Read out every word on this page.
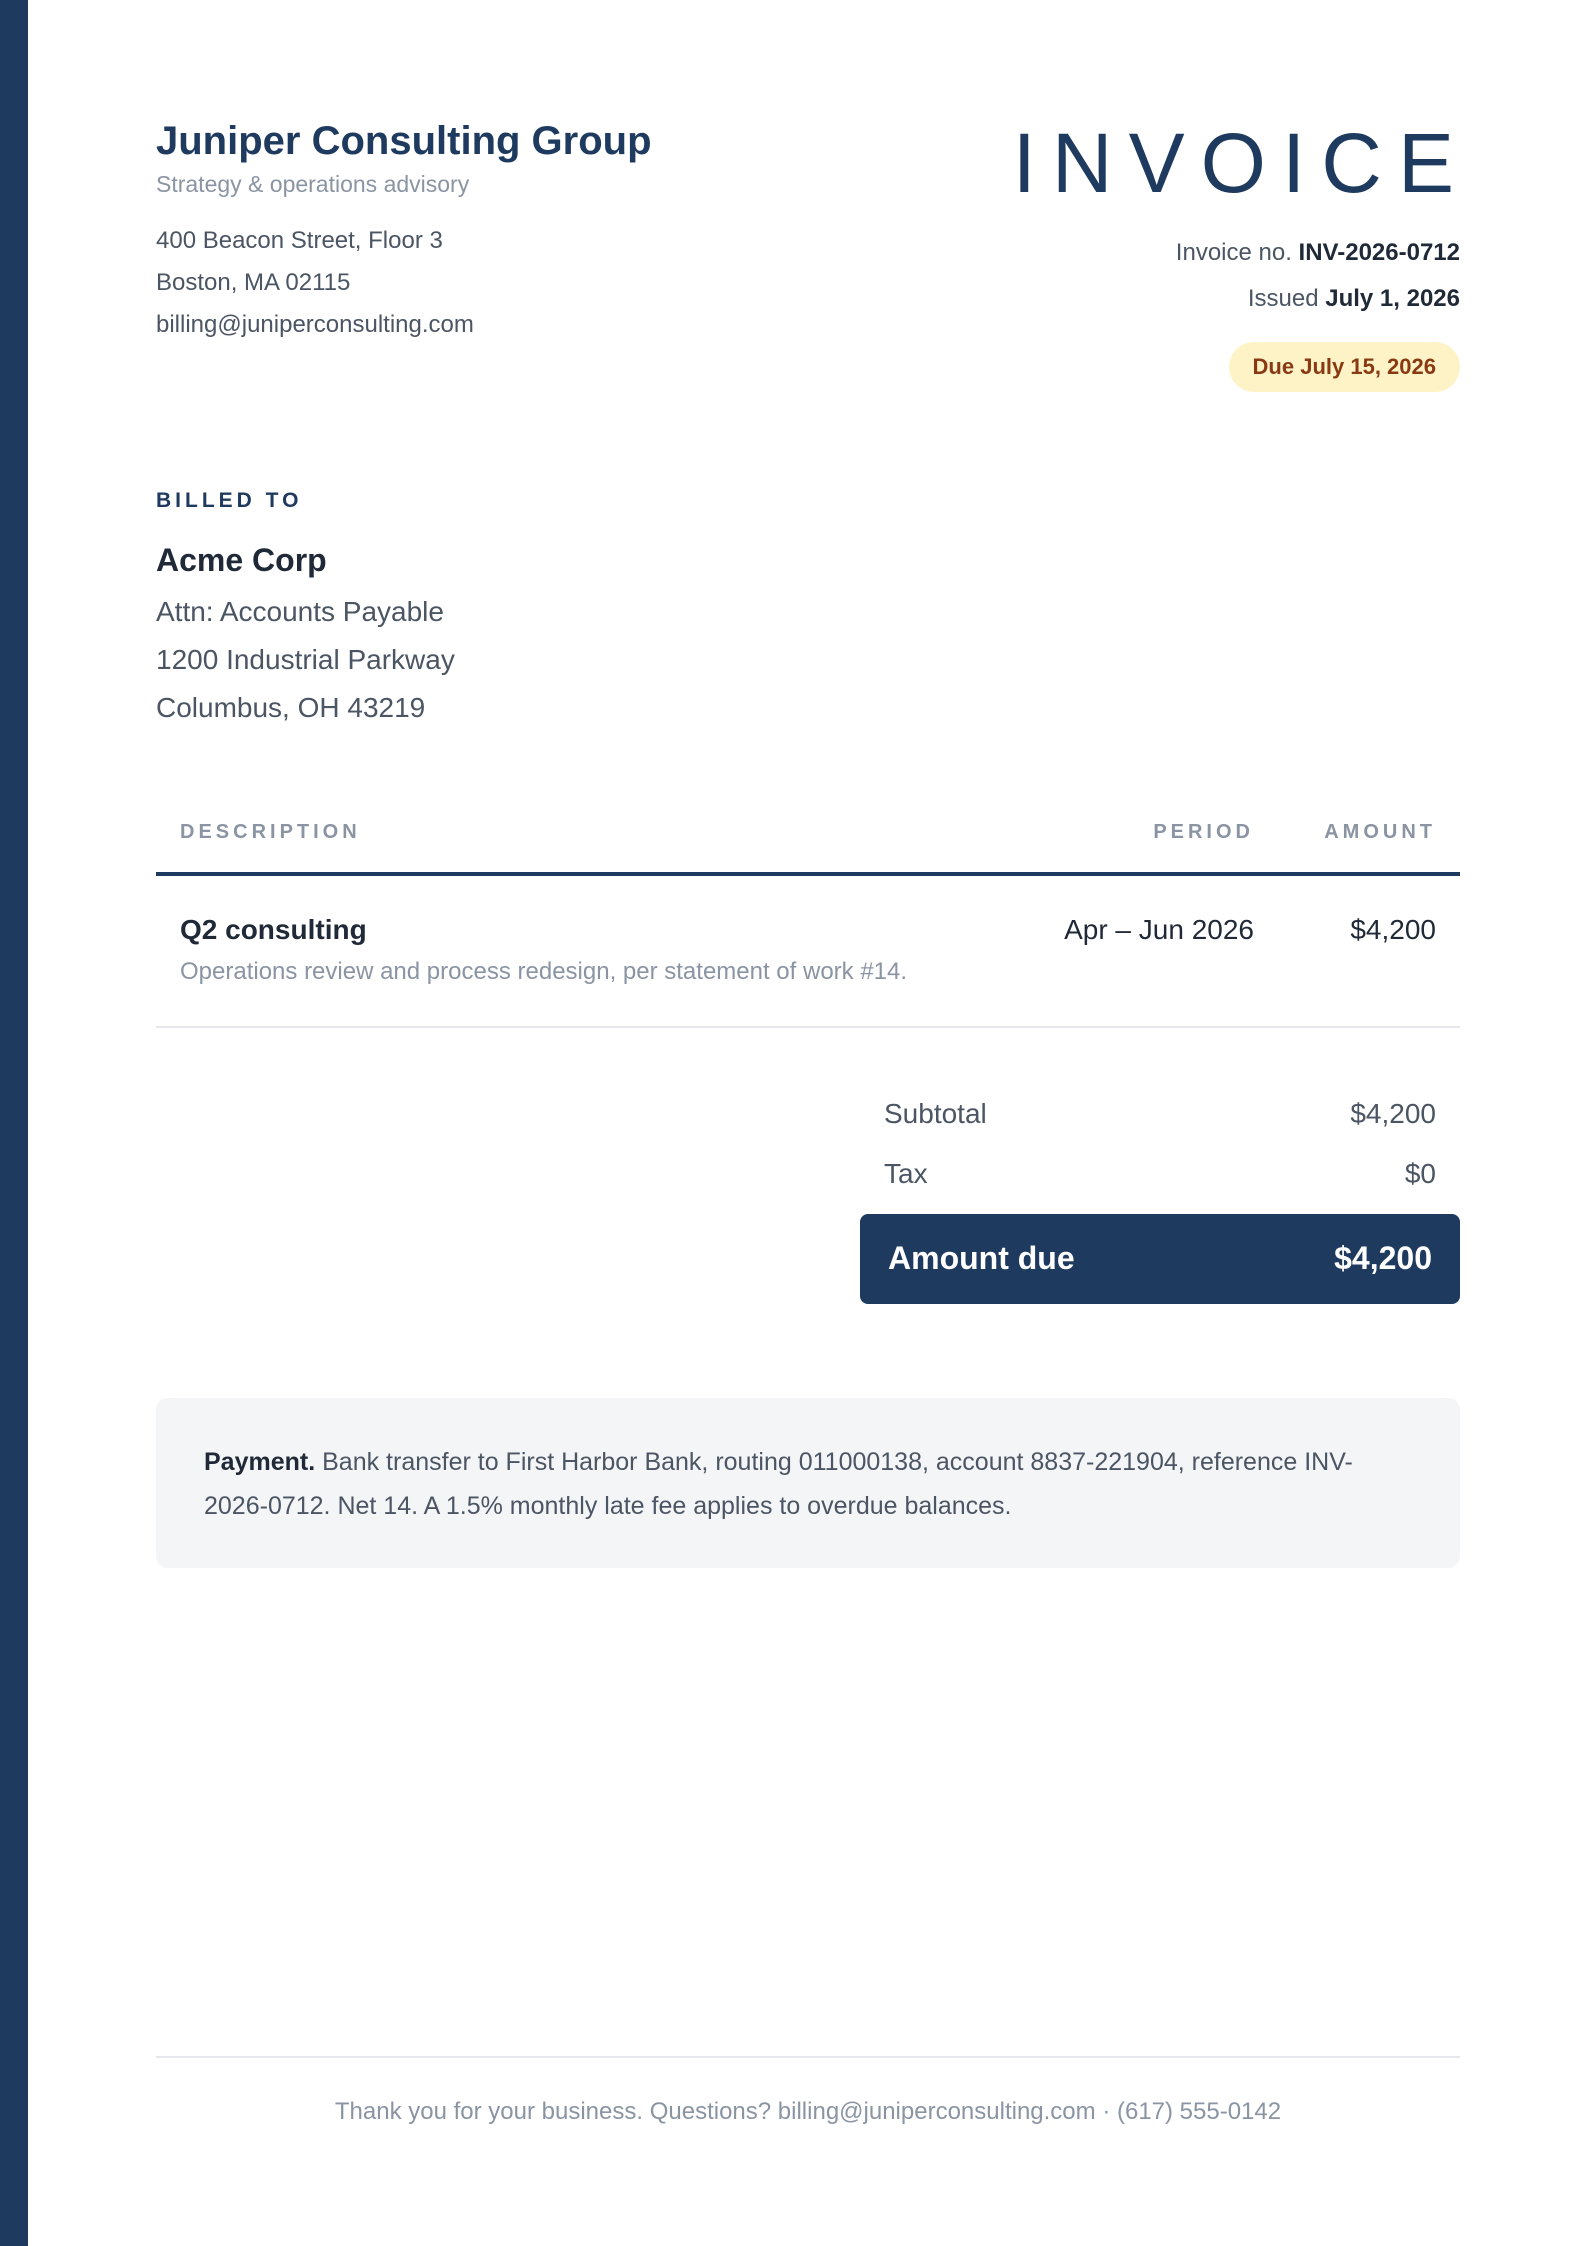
Juniper Consulting Group
Strategy & operations advisory
400 Beacon Street, Floor 3
Boston, MA 02115
billing@juniperconsulting.com
INVOICE
Invoice no. INV-2026-0712
Issued July 1, 2026
Due July 15, 2026
BILLED TO
Acme Corp
Attn: Accounts Payable
1200 Industrial Parkway
Columbus, OH 43219
DESCRIPTION	PERIOD	AMOUNT
Q2 consulting
Operations review and process redesign, per statement of work #14.
Apr – Jun 2026	$4,200
Subtotal	$4,200
Tax	$0
Amount due	$4,200
Payment. Bank transfer to First Harbor Bank, routing 011000138, account 8837-221904, reference INV-2026-0712. Net 14. A 1.5% monthly late fee applies to overdue balances.
Thank you for your business. Questions? billing@juniperconsulting.com · (617) 555-0142
